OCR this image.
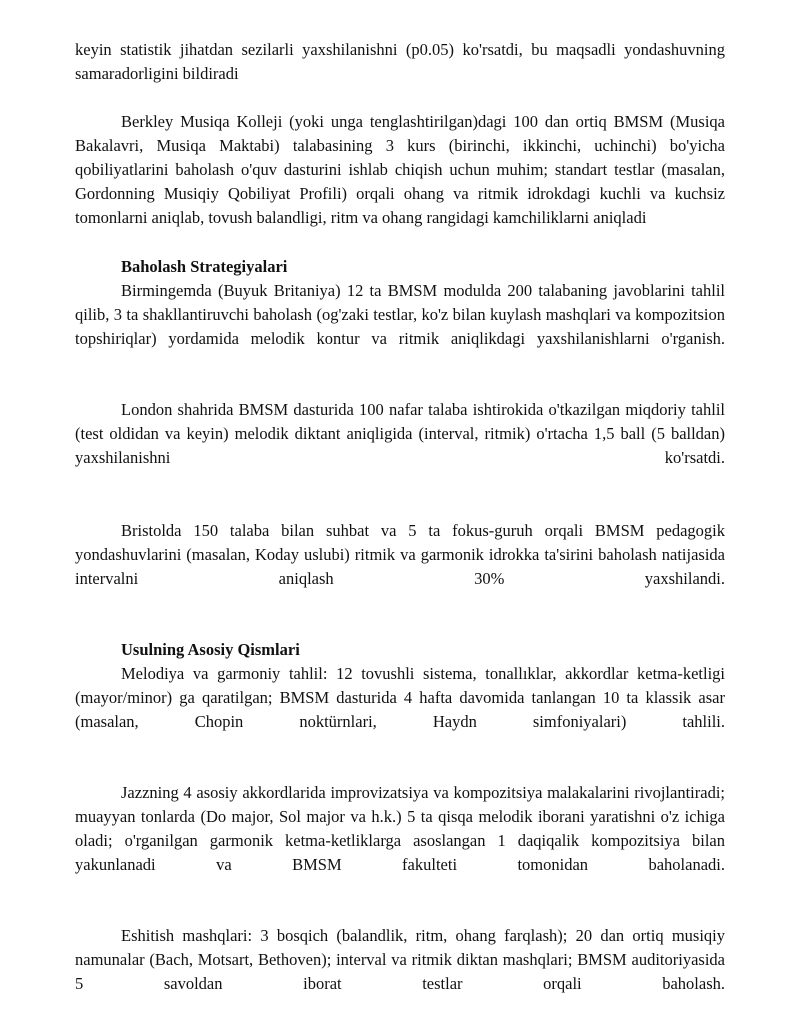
keyin statistik jihatdan sezilarli yaxshilanishni (p0.05) ko'rsatdi, bu maqsadli yondashuvning samaradorligini bildiradi

Berkley Musiqa Kolleji (yoki unga tenglashtirilgan)dagi 100 dan ortiq BMSM (Musiqa Bakalavri, Musiqa Maktabi) talabasining 3 kurs (birinchi, ikkinchi, uchinchi) bo'yicha qobiliyatlarini baholash o'quv dasturini ishlab chiqish uchun muhim; standart testlar (masalan, Gordonning Musiqiy Qobiliyat Profili) orqali ohang va ritmik idrokdagi kuchli va kuchsiz tomonlarni aniqlab, tovush balandligi, ritm va ohang rangidagi kamchiliklarni aniqladi

Baholash Strategiyalari

Birmingemda (Buyuk Britaniya) 12 ta BMSM modulda 200 talabaning javoblarini tahlil qilib, 3 ta shakllantiruvchi baholash (og'zaki testlar, ko'z bilan kuylash mashqlari va kompozitsion topshiriqlar) yordamida melodik kontur va ritmik aniqlikdagi yaxshilanishlarni o'rganish.

London shahrida BMSM dasturida 100 nafar talaba ishtirokida o'tkazilgan miqdoriy tahlil (test oldidan va keyin) melodik diktant aniqligida (interval, ritmik) o'rtacha 1,5 ball (5 balldan) yaxshilanishni ko'rsatdi.

Bristolda 150 talaba bilan suhbat va 5 ta fokus-guruh orqali BMSM pedagogik yondashuvlarini (masalan, Koday uslubi) ritmik va garmonik idrokka ta'sirini baholash natijasida intervalni aniqlash 30% yaxshilandi.

Usulning Asosiy Qismlari

Melodiya va garmoniy tahlil: 12 tovushli sistema, tonallıklar, akkordlar ketma-ketligi (mayor/minor) ga qaratilgan; BMSM dasturida 4 hafta davomida tanlangan 10 ta klassik asar (masalan, Chopin noktürnlari, Haydn simfoniyalari) tahlili.

Jazzning 4 asosiy akkordlarida improvizatsiya va kompozitsiya malakalarini rivojlantiradi; muayyan tonlarda (Do major, Sol major va h.k.) 5 ta qisqa melodik iborani yaratishni o'z ichiga oladi; o'rganilgan garmonik ketma-ketliklarga asoslangan 1 daqiqalik kompozitsiya bilan yakunlanadi va BMSM fakulteti tomonidan baholanadi.

Eshitish mashqlari: 3 bosqich (balandlik, ritm, ohang farqlash); 20 dan ortiq musiqiy namunalar (Bach, Motsart, Bethoven); interval va ritmik diktan mashqlari; BMSM auditoriyasida 5 savoldan iborat testlar orqali baholash.
